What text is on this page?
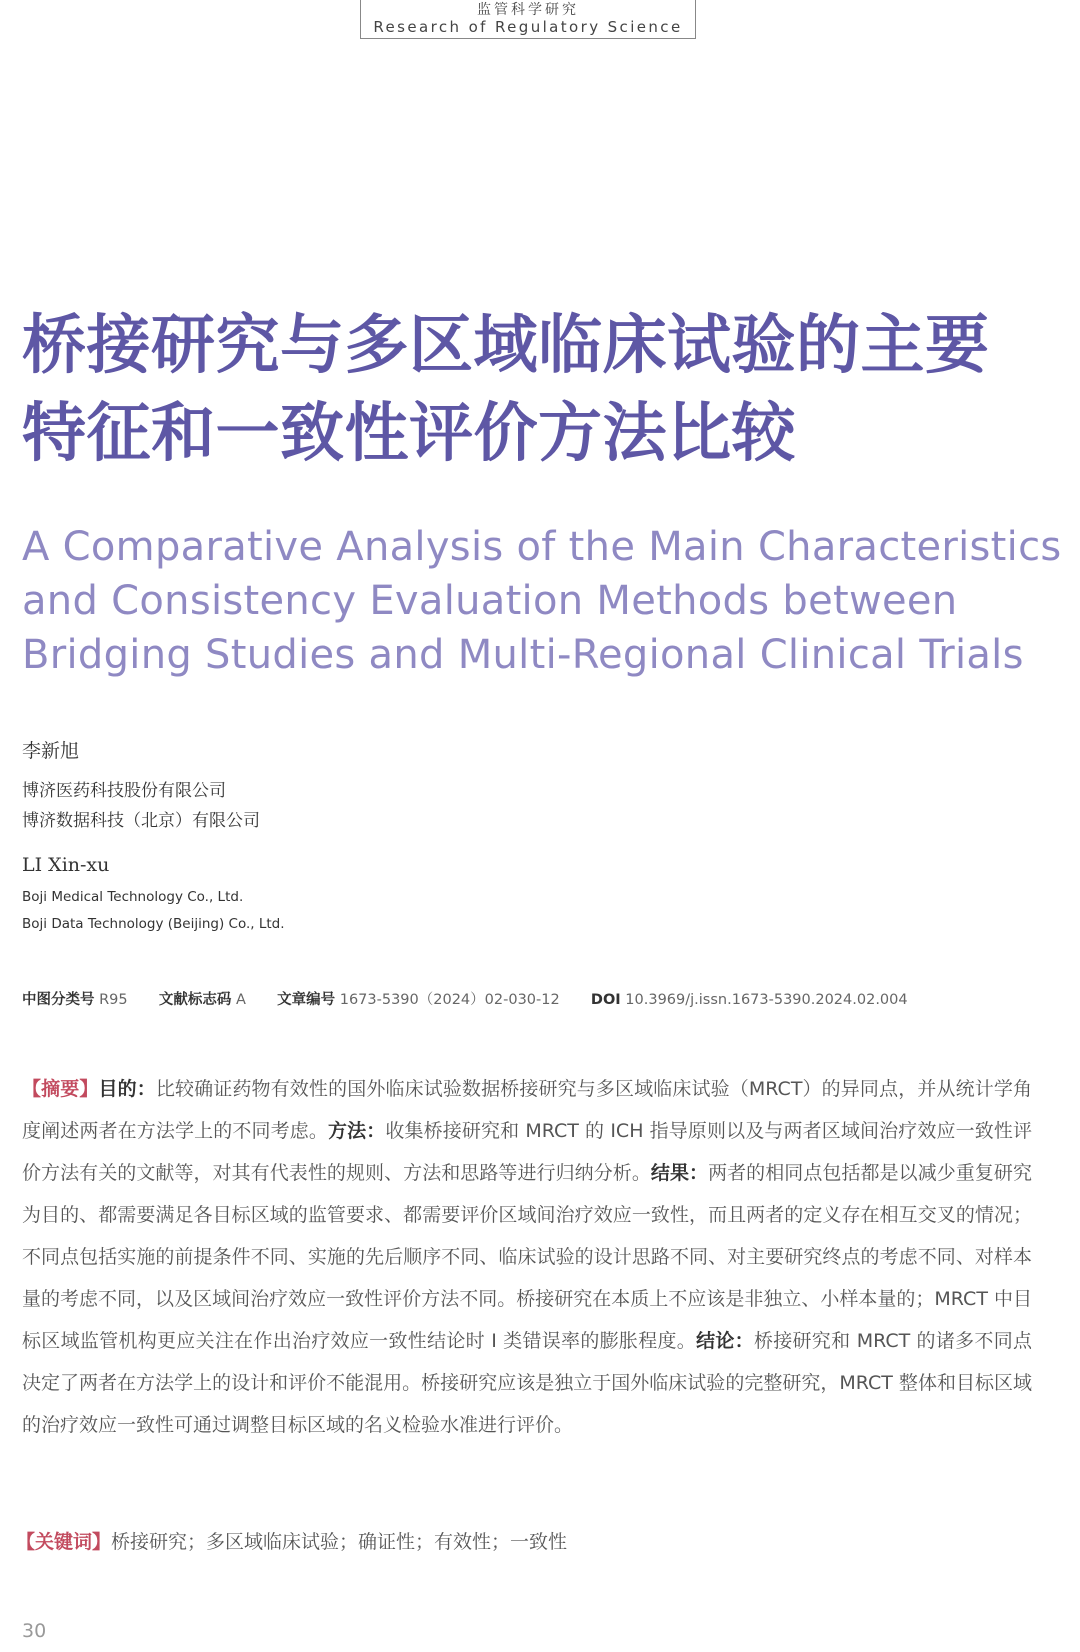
监管科学研究
Research of Regulatory Science
桥接研究与多区域临床试验的主要
特征和一致性评价方法比较
A Comparative Analysis of the Main Characteristics
and Consistency Evaluation Methods between
Bridging Studies and Multi-Regional Clinical Trials
李新旭
博济医药科技股份有限公司
博济数据科技（北京）有限公司
LI Xin-xu
Boji Medical Technology Co., Ltd.
Boji Data Technology (Beijing) Co., Ltd.
中图分类号 R95 文献标志码 A 文章编号 1673-5390（2024）02-030-12 DOI 10.3969/j.issn.1673-5390.2024.02.004
【摘要】目的：比较确证药物有效性的国外临床试验数据桥接研究与多区域临床试验（MRCT）的异同点，并从统计学角度阐述两者在方法学上的不同考虑。方法：收集桥接研究和 MRCT 的 ICH 指导原则以及与两者区域间治疗效应一致性评价方法有关的文献等，对其有代表性的规则、方法和思路等进行归纳分析。结果：两者的相同点包括都是以减少重复研究为目的、都需要满足各目标区域的监管要求、都需要评价区域间治疗效应一致性，而且两者的定义存在相互交叉的情况；不同点包括实施的前提条件不同、实施的先后顺序不同、临床试验的设计思路不同、对主要研究终点的考虑不同、对样本量的考虑不同，以及区域间治疗效应一致性评价方法不同。桥接研究在本质上不应该是非独立、小样本量的；MRCT 中目标区域监管机构更应关注在作出治疗效应一致性结论时 I 类错误率的膨胀程度。结论：桥接研究和 MRCT 的诸多不同点决定了两者在方法学上的设计和评价不能混用。桥接研究应该是独立于国外临床试验的完整研究，MRCT 整体和目标区域的治疗效应一致性可通过调整目标区域的名义检验水准进行评价。
【关键词】桥接研究；多区域临床试验；确证性；有效性；一致性
30
